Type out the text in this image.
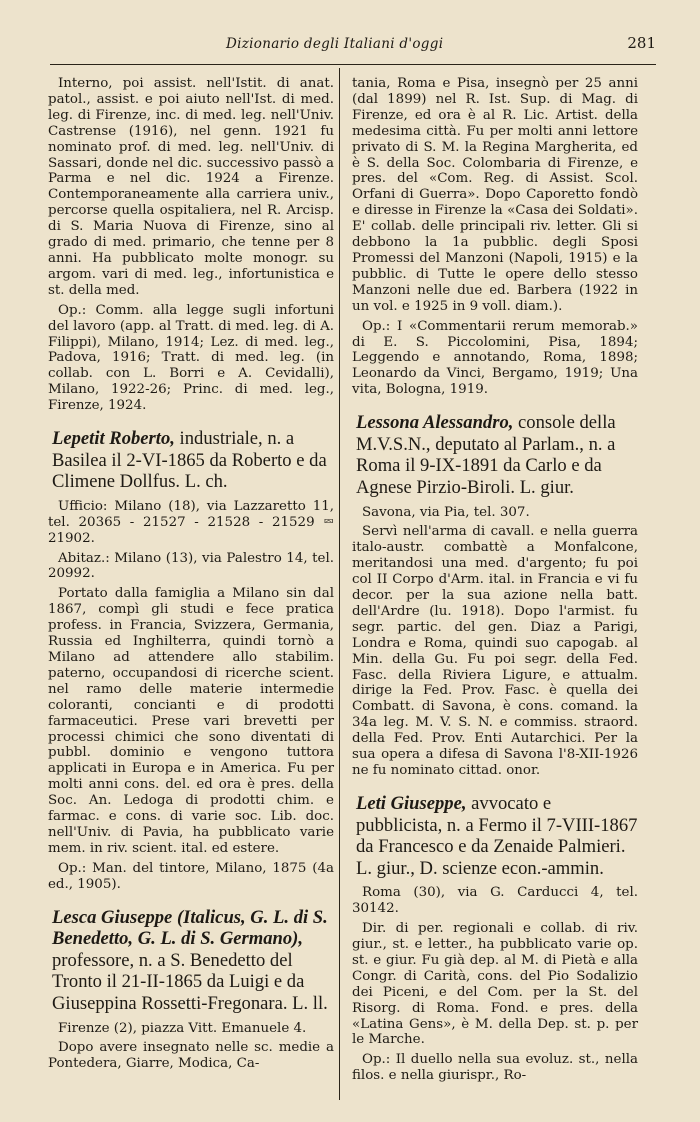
Dizionario degli Italiani d'oggi	281

Interno, poi assist. nell'Istit. di anat. patol., assist. e poi aiuto nell'Ist. di med. leg. di Firenze, inc. di med. leg. nell'Univ. Castrense (1916), nel genn. 1921 fu nominato prof. di med. leg. nell'Univ. di Sassari, donde nel dic. successivo passò a Parma e nel dic. 1924 a Firenze. Contemporaneamente alla carriera univ., percorse quella ospitaliera, nel R. Arcisp. di S. Maria Nuova di Firenze, sino al grado di med. primario, che tenne per 8 anni. Ha pubblicato molte monogr. su argom. vari di med. leg., infortunistica e st. della med.

Op.: Comm. alla legge sugli infortuni del lavoro (app. al Tratt. di med. leg. di A. Filippi), Milano, 1914; Lez. di med. leg., Padova, 1916; Tratt. di med. leg. (in collab. con L. Borri e A. Cevidalli), Milano, 1922-26; Princ. di med. leg., Firenze, 1924.

Lepetit Roberto, industriale, n. a Basilea il 2-VI-1865 da Roberto e da Climene Dollfus. L. ch.

Ufficio: Milano (18), via Lazzaretto 11, tel. 20365 - 21527 - 21528 - 21529 ⮹ 21902.

Abitaz.: Milano (13), via Palestro 14, tel. 20992.

Portato dalla famiglia a Milano sin dal 1867, compì gli studi e fece pratica profess. in Francia, Svizzera, Germania, Russia ed Inghilterra, quindi tornò a Milano ad attendere allo stabilim. paterno, occupandosi di ricerche scient. nel ramo delle materie intermedie coloranti, concianti e di prodotti farmaceutici. Prese vari brevetti per processi chimici che sono diventati di pubbl. dominio e vengono tuttora applicati in Europa e in America. Fu per molti anni cons. del. ed ora è pres. della Soc. An. Ledoga di prodotti chim. e farmac. e cons. di varie soc. Lib. doc. nell'Univ. di Pavia, ha pubblicato varie mem. in riv. scient. ital. ed estere.

Op.: Man. del tintore, Milano, 1875 (4a ed., 1905).

Lesca Giuseppe (Italicus, G. L. di S. Benedetto, G. L. di S. Germano), professore, n. a S. Benedetto del Tronto il 21-II-1865 da Luigi e da Giuseppina Rossetti-Fregonara. L. ll.

Firenze (2), piazza Vitt. Emanuele 4.

Dopo avere insegnato nelle sc. medie a Pontedera, Giarre, Modica, Ca-

tania, Roma e Pisa, insegnò per 25 anni (dal 1899) nel R. Ist. Sup. di Mag. di Firenze, ed ora è al R. Lic. Artist. della medesima città. Fu per molti anni lettore privato di S. M. la Regina Margherita, ed è S. della Soc. Colombaria di Firenze, e pres. del «Com. Reg. di Assist. Scol. Orfani di Guerra». Dopo Caporetto fondò e diresse in Firenze la «Casa dei Soldati». E' collab. delle principali riv. letter. Gli si debbono la 1a pubblic. degli Sposi Promessi del Manzoni (Napoli, 1915) e la pubblic. di Tutte le opere dello stesso Manzoni nelle due ed. Barbera (1922 in un vol. e 1925 in 9 voll. diam.).

Op.: I «Commentarii rerum memorab.» di E. S. Piccolomini, Pisa, 1894; Leggendo e annotando, Roma, 1898; Leonardo da Vinci, Bergamo, 1919; Una vita, Bologna, 1919.

Lessona Alessandro, console della M.V.S.N., deputato al Parlam., n. a Roma il 9-IX-1891 da Carlo e da Agnese Pirzio-Biroli. L. giur.

Savona, via Pia, tel. 307.

Servì nell'arma di cavall. e nella guerra italo-austr. combattè a Monfalcone, meritandosi una med. d'argento; fu poi col II Corpo d'Arm. ital. in Francia e vi fu decor. per la sua azione nella batt. dell'Ardre (lu. 1918). Dopo l'armist. fu segr. partic. del gen. Diaz a Parigi, Londra e Roma, quindi suo capogab. al Min. della Gu. Fu poi segr. della Fed. Fasc. della Riviera Ligure, e attualm. dirige la Fed. Prov. Fasc. è quella dei Combatt. di Savona, è cons. comand. la 34a leg. M. V. S. N. e commiss. straord. della Fed. Prov. Enti Autarchici. Per la sua opera a difesa di Savona l'8-XII-1926 ne fu nominato cittad. onor.

Leti Giuseppe, avvocato e pubblicista, n. a Fermo il 7-VIII-1867 da Francesco e da Zenaide Palmieri. L. giur., D. scienze econ.-ammin.

Roma (30), via G. Carducci 4, tel. 30142.

Dir. di per. regionali e collab. di riv. giur., st. e letter., ha pubblicato varie op. st. e giur. Fu già dep. al M. di Pietà e alla Congr. di Carità, cons. del Pio Sodalizio dei Piceni, e del Com. per la St. del Risorg. di Roma. Fond. e pres. della «Latina Gens», è M. della Dep. st. p. per le Marche.

Op.: Il duello nella sua evoluz. st., nella filos. e nella giurispr., Ro-
